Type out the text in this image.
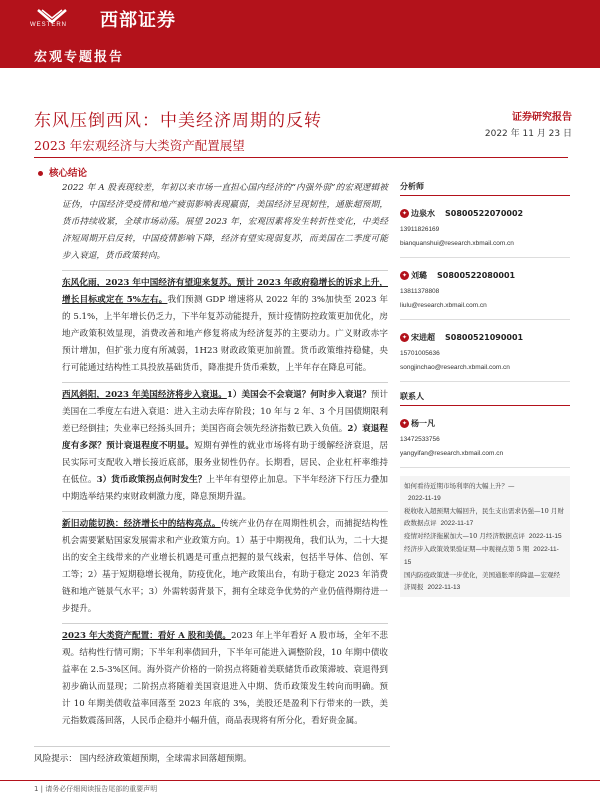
WESTERN 西部证券
宏观专题报告
东风压倒西风：中美经济周期的反转
2023 年宏观经济与大类资产配置展望
证券研究报告
2022 年 11 月 23 日
核心结论

2022 年 A 股表现较差，年初以来市场一直担心国内经济的“内强外弱”的宏观逻辑被证伪，中国经济受疫情和地产疲弱影响表现羸弱，美国经济呈现韧性，通胀超预期，货币持续收紧，全球市场动荡。展望 2023 年，宏观因素将发生转折性变化，中美经济短周期开启反转，中国疫情影响下降，经济有望实现弱复苏，而美国在二季度可能步入衰退，货币政策转向。

东风化雨，2023 年中国经济有望迎来复苏。预计 2023 年政府稳增长的诉求上升，增长目标或定在 5%左右。我们预测 GDP 增速将从 2022 年的 3%加快至 2023 年的 5.1%，上半年增长仍乏力，下半年复苏动能提升，预计疫情防控政策更加优化，房地产政策积效显现，消费改善和地产修复将成为经济复苏的主要动力。广义财政赤字预计增加，但扩张力度有所减弱，1H23 财政政策更加前置。货币政策维持稳健，央行可能通过结构性工具投放基础货币，降准提升货币乘数，上半年存在降息可能。

西风斜阳，2023 年美国经济将步入衰退。1）美国会不会衰退？何时步入衰退？预计美国在二季度左右进入衰退：进入主动去库存阶段；10 年与 2 年、3 个月国债期限利差已经倒挂；失业率已经扬头回升；美国咨商会领先经济指数已跌入负值。2）衰退程度有多深？预计衰退程度不明显。短期有弹性的就业市场将有助于缓解经济衰退，居民实际可支配收入增长接近底部，服务业韧性仍存。长期看，居民、企业杠杆率维持在低位。3）货币政策拐点何时发生？上半年有望停止加息。下半年经济下行压力叠加中期选举结果约束财政刺激力度，降息预期升温。

新旧动能切换：经济增长中的结构亮点。传统产业仍存在周期性机会，而捕捉结构性机会需要紧贴国家发展需求和产业政策方向。1）基于中期视角，我们认为，二十大提出的安全主线带来的产业增长机遇是可重点把握的景气线索，包括半导体、信创、军工等；2）基于短期稳增长视角，防疫优化，地产政策出台，有助于稳定 2023 年消费链和地产链景气水平；3）外需转弱背景下，拥有全球竞争优势的产业仍值得期待进一步提升。

2023 年大类资产配置：看好 A 股和美债。2023 年上半年看好 A 股市场，全年不悲观。结构性行情可期；下半年利率债回升，下半年可能进入调整阶段，10 年期中债收益率在 2.5-3%区间。海外资产价格的一阶拐点将随着美联储货币政策滞坡、衰退得到初步确认而显现；二阶拐点将随着美国衰退进入中期、货币政策发生转向而明确。预计 10 年期美债收益率回落至 2023 年底的 3%，美股还是盈利下行带来的一跌，美元指数震荡回落，人民币企稳并小幅升值，商品表现将有所分化，看好贵金属。

风险提示： 国内经济政策超预期，全球需求回落超预期。
1 | 请务必仔细阅读报告尾部的重要声明
分析师
✦ 边泉水 S0800522070002
13911826169
bianquanshui@research.xbmail.com.cn
✦ 刘璐 S0800522080001
13811378808
liulu@research.xbmail.com.cn
✦ 宋进超 S0800521090001
15701005636
songjinchao@research.xbmail.com.cn
联系人
✦ 杨一凡
13472533756
yangyifan@research.xbmail.com.cn
如何看待近期市场利率的大幅上升？—
2022-11-19
税收收入超预期大幅回升，民生支出需求仍强—10 月财政数据点评 2022-11-17
疫情对经济拖累加大—10 月经济数据点评 2022-11-15
经济步入政策效果验证期—中观视点第 5 期 2022-11-15
国内防疫政策进一步优化，美国通胀率的降温—宏观经济周报 2022-11-13
